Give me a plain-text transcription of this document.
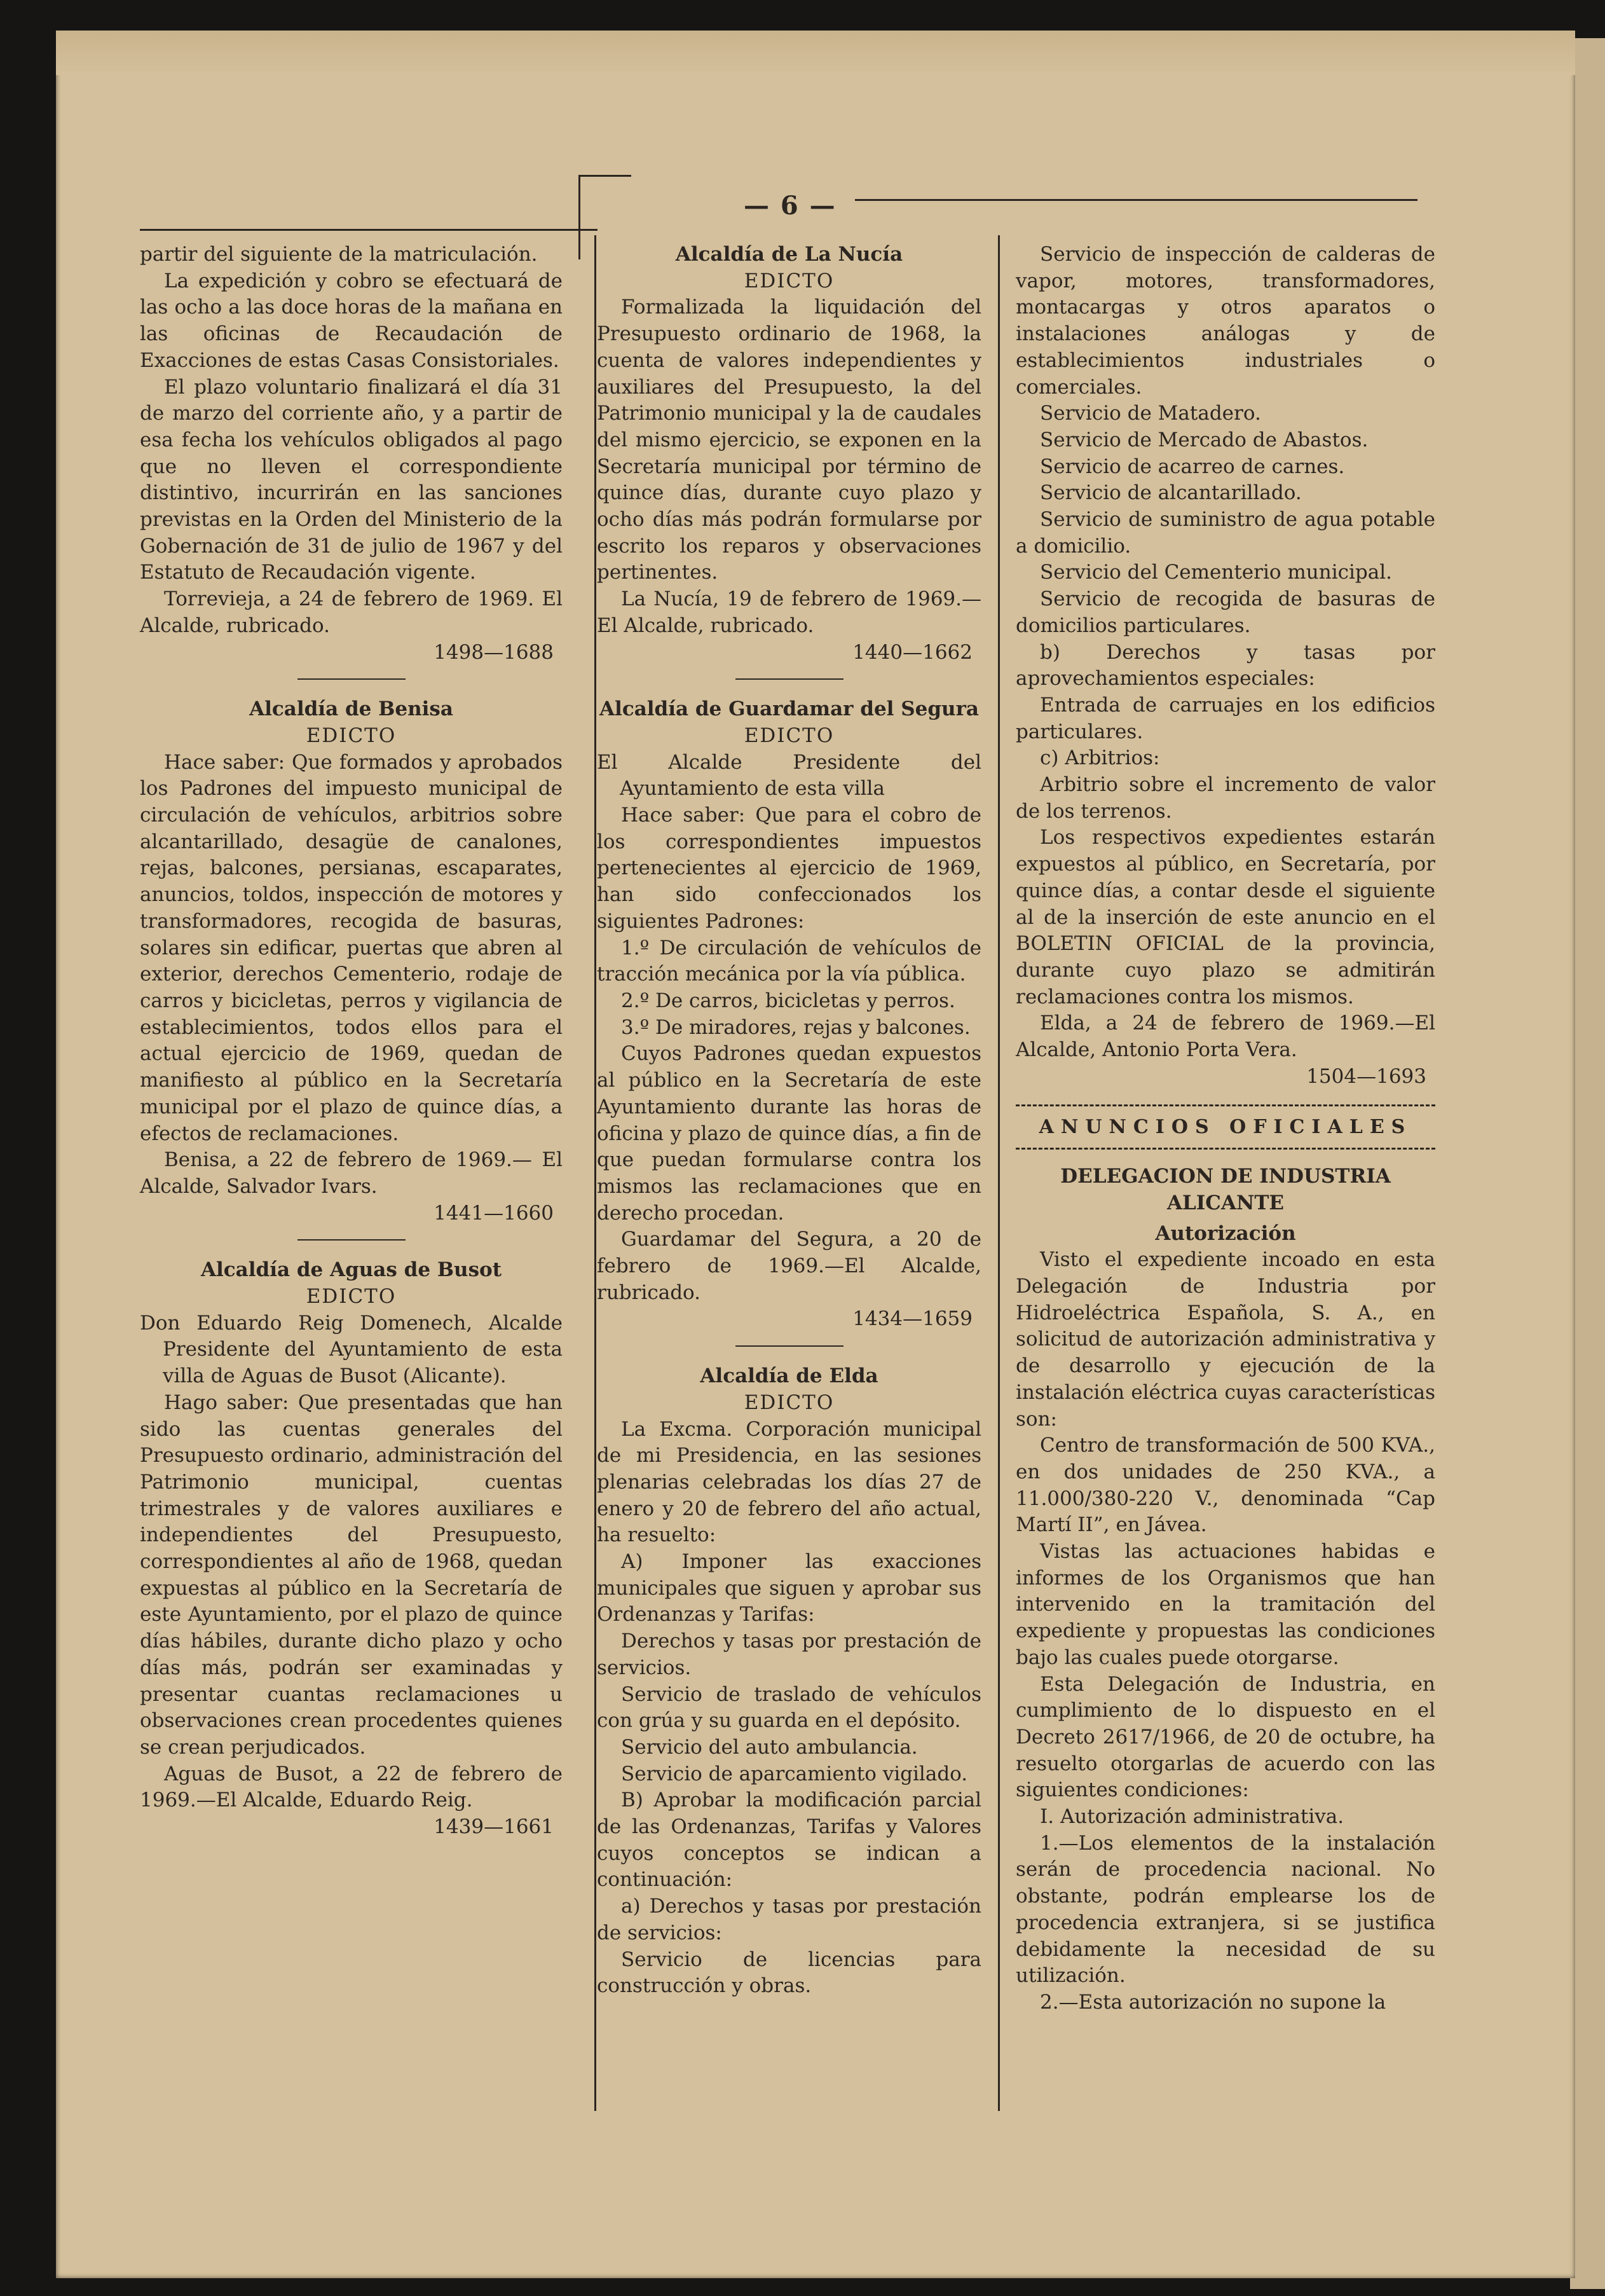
— 6 —

partir del siguiente de la matriculación.

La expedición y cobro se efectuará de las ocho a las doce horas de la mañana en las oficinas de Recaudación de Exacciones de estas Casas Consistoriales.

El plazo voluntario finalizará el día 31 de marzo del corriente año, y a partir de esa fecha los vehículos obligados al pago que no lleven el correspondiente distintivo, incurrirán en las sanciones previstas en la Orden del Ministerio de la Gobernación de 31 de julio de 1967 y del Estatuto de Recaudación vigente.

Torrevieja, a 24 de febrero de 1969. El Alcalde, rubricado.

1498—1688

Alcaldía de Benisa

EDICTO

Hace saber: Que formados y aprobados los Padrones del impuesto municipal de circulación de vehículos, arbitrios sobre alcantarillado, desagüe de canalones, rejas, balcones, persianas, escaparates, anuncios, toldos, inspección de motores y transformadores, recogida de basuras, solares sin edificar, puertas que abren al exterior, derechos Cementerio, rodaje de carros y bicicletas, perros y vigilancia de establecimientos, todos ellos para el actual ejercicio de 1969, quedan de manifiesto al público en la Secretaría municipal por el plazo de quince días, a efectos de reclamaciones.

Benisa, a 22 de febrero de 1969.— El Alcalde, Salvador Ivars.

1441—1660

Alcaldía de Aguas de Busot

EDICTO

Don Eduardo Reig Domenech, Alcalde Presidente del Ayuntamiento de esta villa de Aguas de Busot (Alicante).

Hago saber: Que presentadas que han sido las cuentas generales del Presupuesto ordinario, administración del Patrimonio municipal, cuentas trimestrales y de valores auxiliares e independientes del Presupuesto, correspondientes al año de 1968, quedan expuestas al público en la Secretaría de este Ayuntamiento, por el plazo de quince días hábiles, durante dicho plazo y ocho días más, podrán ser examinadas y presentar cuantas reclamaciones u observaciones crean procedentes quienes se crean perjudicados.

Aguas de Busot, a 22 de febrero de 1969.—El Alcalde, Eduardo Reig.

1439—1661

Alcaldía de La Nucía

EDICTO

Formalizada la liquidación del Presupuesto ordinario de 1968, la cuenta de valores independientes y auxiliares del Presupuesto, la del Patrimonio municipal y la de caudales del mismo ejercicio, se exponen en la Secretaría municipal por término de quince días, durante cuyo plazo y ocho días más podrán formularse por escrito los reparos y observaciones pertinentes.

La Nucía, 19 de febrero de 1969.— El Alcalde, rubricado.

1440—1662

Alcaldía de Guardamar del Segura

EDICTO

El Alcalde Presidente del Ayuntamiento de esta villa

Hace saber: Que para el cobro de los correspondientes impuestos pertenecientes al ejercicio de 1969, han sido confeccionados los siguientes Padrones:

1.º De circulación de vehículos de tracción mecánica por la vía pública.

2.º De carros, bicicletas y perros.

3.º De miradores, rejas y balcones.

Cuyos Padrones quedan expuestos al público en la Secretaría de este Ayuntamiento durante las horas de oficina y plazo de quince días, a fin de que puedan formularse contra los mismos las reclamaciones que en derecho procedan.

Guardamar del Segura, a 20 de febrero de 1969.—El Alcalde, rubricado.

1434—1659

Alcaldía de Elda

EDICTO

La Excma. Corporación municipal de mi Presidencia, en las sesiones plenarias celebradas los días 27 de enero y 20 de febrero del año actual, ha resuelto:

A) Imponer las exacciones municipales que siguen y aprobar sus Ordenanzas y Tarifas:

Derechos y tasas por prestación de servicios.

Servicio de traslado de vehículos con grúa y su guarda en el depósito.

Servicio del auto ambulancia.

Servicio de aparcamiento vigilado.

B) Aprobar la modificación parcial de las Ordenanzas, Tarifas y Valores cuyos conceptos se indican a continuación:

a) Derechos y tasas por prestación de servicios:

Servicio de licencias para construcción y obras.

Servicio de inspección de calderas de vapor, motores, transformadores, montacargas y otros aparatos o instalaciones análogas y de establecimientos industriales o comerciales.

Servicio de Matadero.

Servicio de Mercado de Abastos.

Servicio de acarreo de carnes.

Servicio de alcantarillado.

Servicio de suministro de agua potable a domicilio.

Servicio del Cementerio municipal.

Servicio de recogida de basuras de domicilios particulares.

b) Derechos y tasas por aprovechamientos especiales:

Entrada de carruajes en los edificios particulares.

c) Arbitrios:

Arbitrio sobre el incremento de valor de los terrenos.

Los respectivos expedientes estarán expuestos al público, en Secretaría, por quince días, a contar desde el siguiente al de la inserción de este anuncio en el BOLETIN OFICIAL de la provincia, durante cuyo plazo se admitirán reclamaciones contra los mismos.

Elda, a 24 de febrero de 1969.—El Alcalde, Antonio Porta Vera.

1504—1693

ANUNCIOS OFICIALES

DELEGACION DE INDUSTRIA

ALICANTE

Autorización

Visto el expediente incoado en esta Delegación de Industria por Hidroeléctrica Española, S. A., en solicitud de autorización administrativa y de desarrollo y ejecución de la instalación eléctrica cuyas características son:

Centro de transformación de 500 KVA., en dos unidades de 250 KVA., a 11.000/380-220 V., denominada “Cap Martí II”, en Jávea.

Vistas las actuaciones habidas e informes de los Organismos que han intervenido en la tramitación del expediente y propuestas las condiciones bajo las cuales puede otorgarse.

Esta Delegación de Industria, en cumplimiento de lo dispuesto en el Decreto 2617/1966, de 20 de octubre, ha resuelto otorgarlas de acuerdo con las siguientes condiciones:

I. Autorización administrativa.

1.—Los elementos de la instalación serán de procedencia nacional. No obstante, podrán emplearse los de procedencia extranjera, si se justifica debidamente la necesidad de su utilización.

2.—Esta autorización no supone la
